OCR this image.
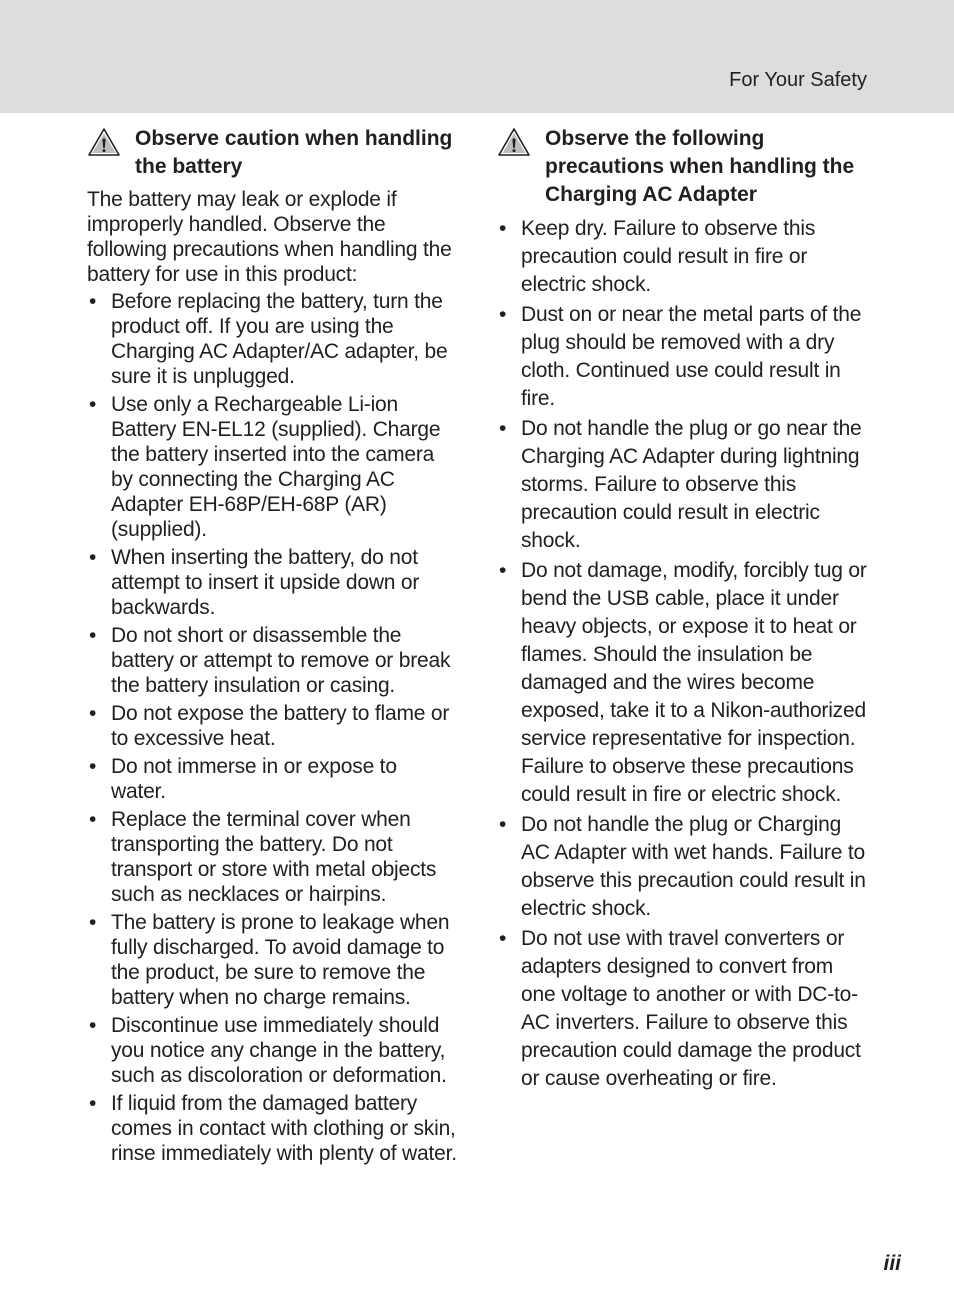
For Your Safety
Observe caution when handling the battery

The battery may leak or explode if improperly handled. Observe the following precautions when handling the battery for use in this product:

• Before replacing the battery, turn the product off. If you are using the Charging AC Adapter/AC adapter, be sure it is unplugged.
• Use only a Rechargeable Li-ion Battery EN-EL12 (supplied). Charge the battery inserted into the camera by connecting the Charging AC Adapter EH-68P/EH-68P (AR) (supplied).
• When inserting the battery, do not attempt to insert it upside down or backwards.
• Do not short or disassemble the battery or attempt to remove or break the battery insulation or casing.
• Do not expose the battery to flame or to excessive heat.
• Do not immerse in or expose to water.
• Replace the terminal cover when transporting the battery. Do not transport or store with metal objects such as necklaces or hairpins.
• The battery is prone to leakage when fully discharged. To avoid damage to the product, be sure to remove the battery when no charge remains.
• Discontinue use immediately should you notice any change in the battery, such as discoloration or deformation.
• If liquid from the damaged battery comes in contact with clothing or skin, rinse immediately with plenty of water.
Observe the following precautions when handling the Charging AC Adapter
• Keep dry. Failure to observe this precaution could result in fire or electric shock.
• Dust on or near the metal parts of the plug should be removed with a dry cloth. Continued use could result in fire.
• Do not handle the plug or go near the Charging AC Adapter during lightning storms. Failure to observe this precaution could result in electric shock.
• Do not damage, modify, forcibly tug or bend the USB cable, place it under heavy objects, or expose it to heat or flames. Should the insulation be damaged and the wires become exposed, take it to a Nikon-authorized service representative for inspection. Failure to observe these precautions could result in fire or electric shock.
• Do not handle the plug or Charging AC Adapter with wet hands. Failure to observe this precaution could result in electric shock.
• Do not use with travel converters or adapters designed to convert from one voltage to another or with DC-to-AC inverters. Failure to observe this precaution could damage the product or cause overheating or fire.
iii
